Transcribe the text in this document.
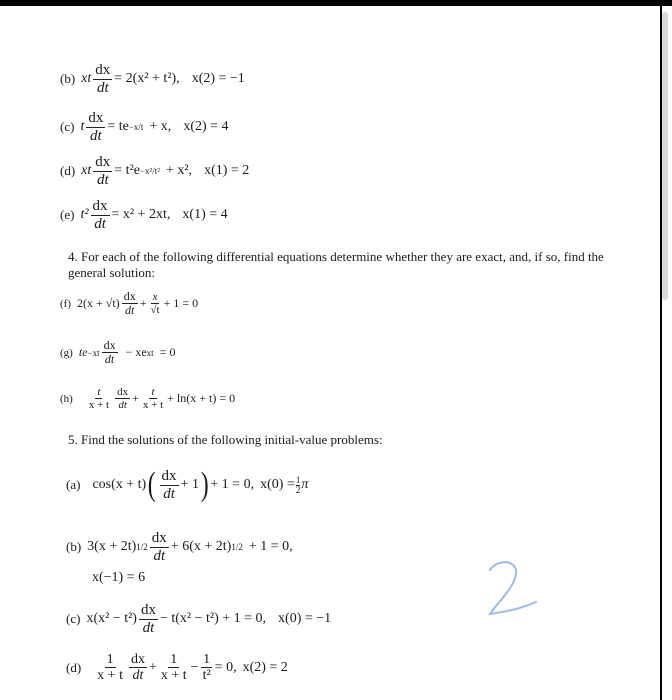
(b) xt $\frac{dx}{dt} = 2(x^2 + t^2)$, x(2) = −1
(c) t $\frac{dx}{dt}$ = te −x/t + x, x(2) = 4
(d) xt $\frac{dx}{dt} = t^2e -x^2/t^2 + x^2$, x(1) = 2
(e) $t^2 \frac{dx}{dt} = x^2 + 2xt$, x(1) = 4
4. For each of the following differential equations determine whether they are exact, and, if so, find the general solution:
(f) $2(x + √t) \frac{dx}{dt} + \frac{x}{√t} + 1 = 0$
(g) te $-xt \frac{dx}{dt}$ − xe xt = 0
$(h) \frac{t}{x + t} \frac{dx}{dt} + \frac{t}{x + t} + \ln(x + t) = 0$
5. Find the solutions of the following initial-value problems:
(a) cos(x + t) ( $\frac{dx}{dt} + 1$ ) + 1 = 0, $x(0) = \frac{1}{2}$ π
(b) 3(x + 2t) $1/2 \frac{dx}{dt} + 6(x + 2t) 1/2 + 1 = 0$,
x(−1) = 6
(c) $x(x^2 - t^2) \frac{dx}{dt} - t(x^2 - t^2) + 1 = 0$, x(0) = −1
$(d) \frac{1}{x + t} \frac{dx}{dt} + \frac{1}{x + t} - \frac{1}{\text{t²}} = 0$, x(2) = 2
